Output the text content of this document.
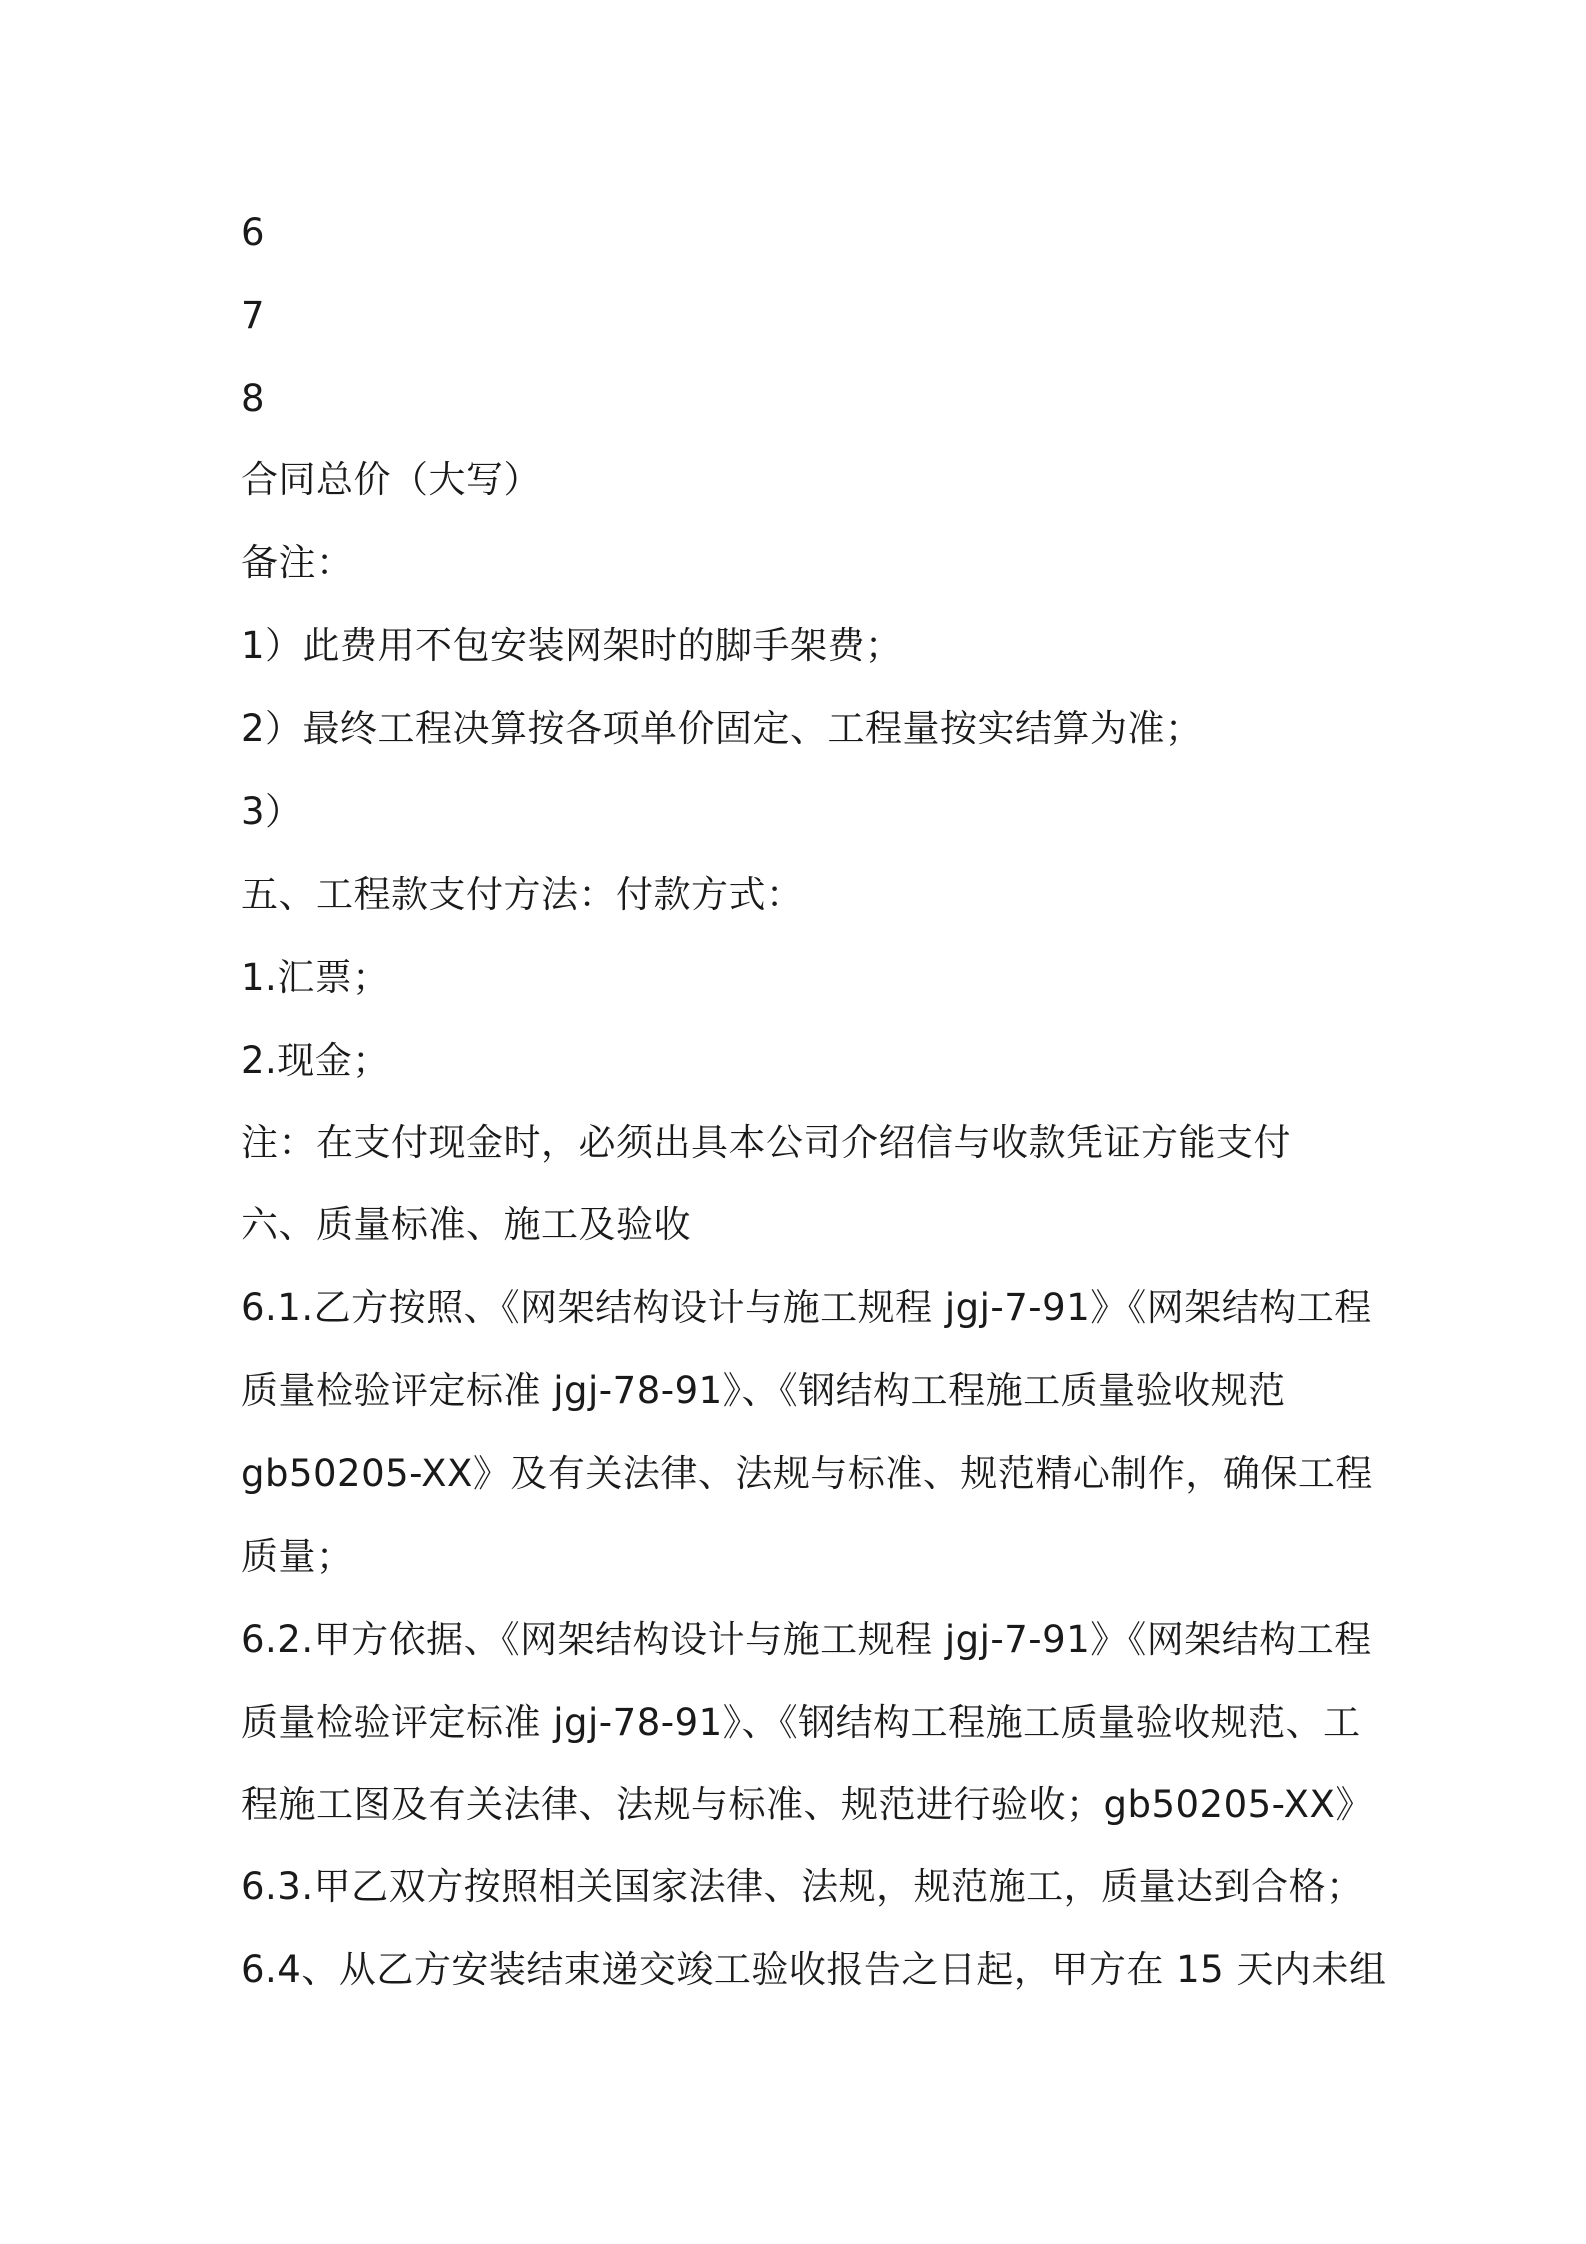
6
7
8
合同总价（大写）
备注：
1）此费用不包安装网架时的脚手架费；
2）最终工程决算按各项单价固定、工程量按实结算为准；
3）
五、工程款支付方法：付款方式：
1.汇票；
2.现金；
注：在支付现金时，必须出具本公司介绍信与收款凭证方能支付
六、质量标准、施工及验收
6.1.乙方按照、《网架结构设计与施工规程 jgj-7-91》《网架结构工程
质量检验评定标准 jgj-78-91》、《钢结构工程施工质量验收规范
gb50205-XX》及有关法律、法规与标准、规范精心制作，确保工程
质量；
6.2.甲方依据、《网架结构设计与施工规程 jgj-7-91》《网架结构工程
质量检验评定标准 jgj-78-91》、《钢结构工程施工质量验收规范、工
程施工图及有关法律、法规与标准、规范进行验收；gb50205-XX》
6.3.甲乙双方按照相关国家法律、法规，规范施工，质量达到合格；
6.4、从乙方安装结束递交竣工验收报告之日起，甲方在 15 天内未组
